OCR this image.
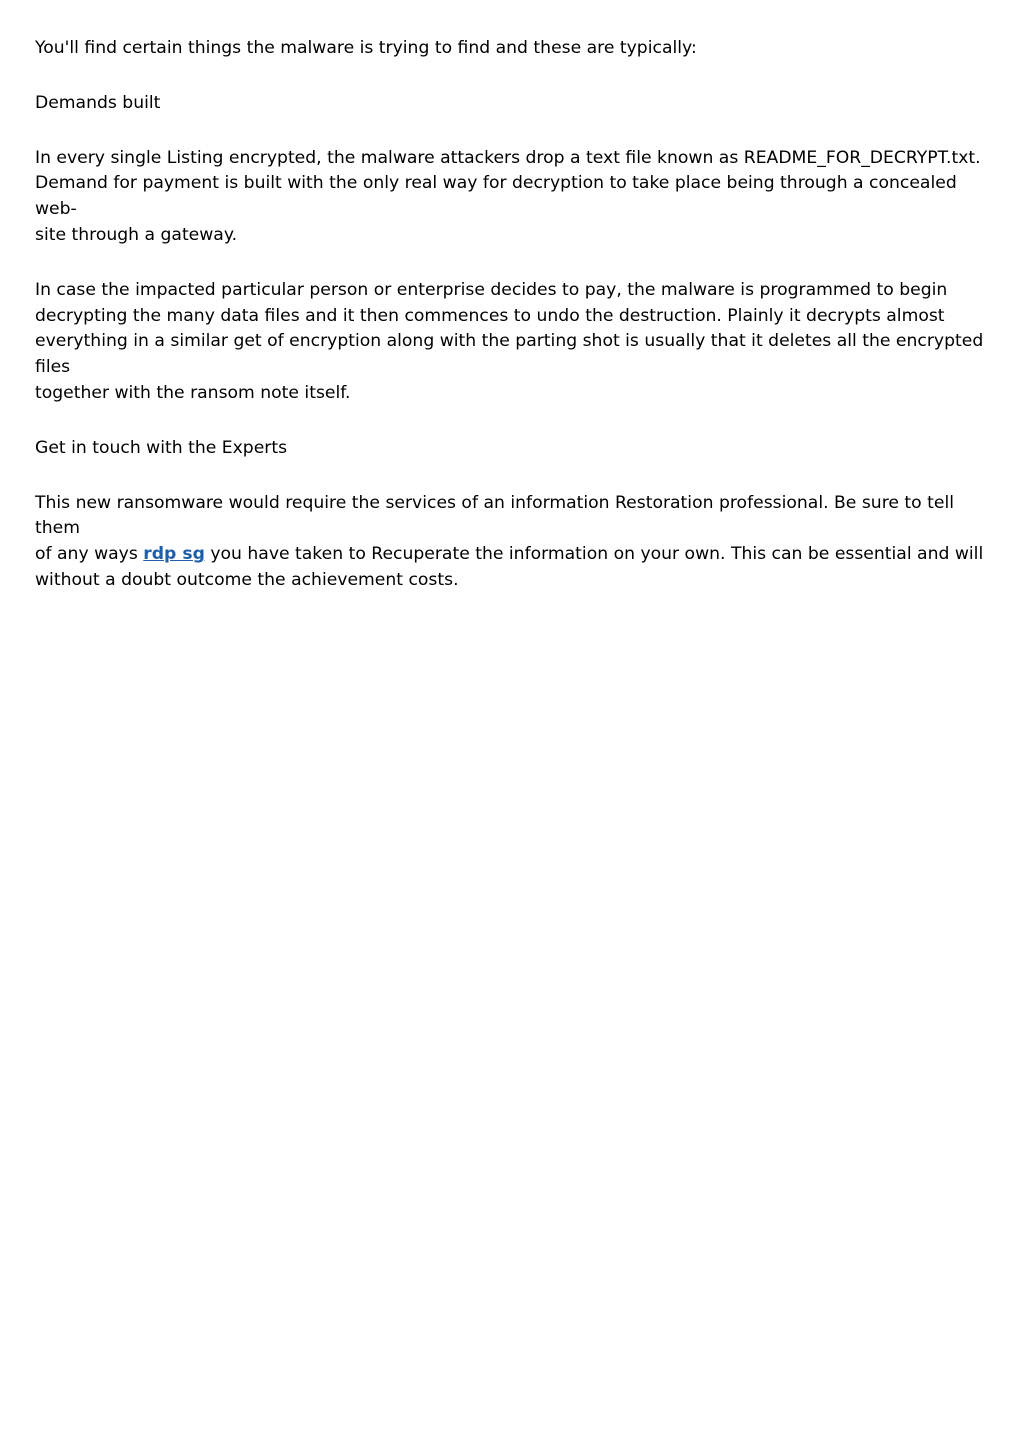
You'll find certain things the malware is trying to find and these are typically:

Demands built

In every single Listing encrypted, the malware attackers drop a text file known as README_FOR_DECRYPT.txt.
Demand for payment is built with the only real way for decryption to take place being through a concealed web-
site through a gateway.

In case the impacted particular person or enterprise decides to pay, the malware is programmed to begin
decrypting the many data files and it then commences to undo the destruction. Plainly it decrypts almost
everything in a similar get of encryption along with the parting shot is usually that it deletes all the encrypted files
together with the ransom note itself.

Get in touch with the Experts

This new ransomware would require the services of an information Restoration professional. Be sure to tell them
of any ways rdp sg you have taken to Recuperate the information on your own. This can be essential and will
without a doubt outcome the achievement costs.
